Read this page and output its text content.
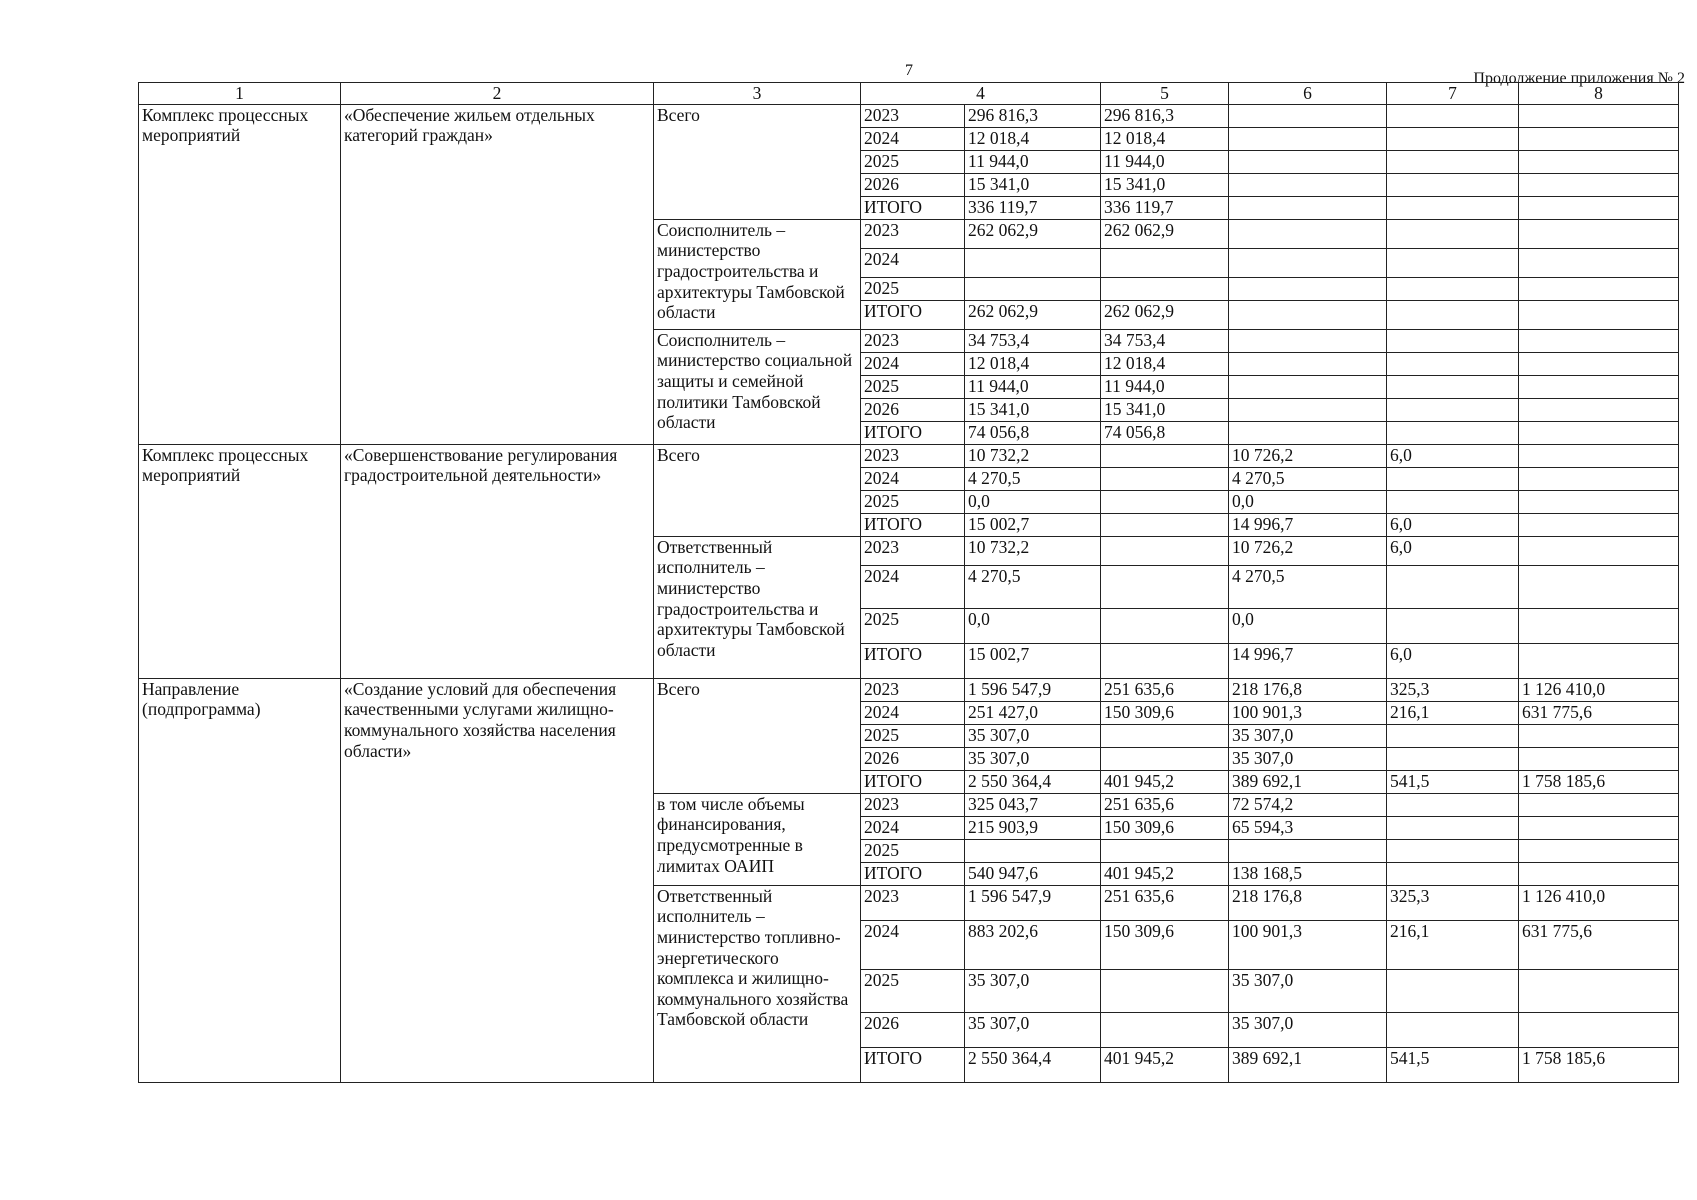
7	Продолжение приложения № 2
1	2	3	4		5	6	7	8
Комплекс процессных мероприятий	«Обеспечение жильем отдельных категорий граждан»	Всего	2023	296 816,3	296 816,3			
			2024	12 018,4	12 018,4			
			2025	11 944,0	11 944,0			
			2026	15 341,0	15 341,0			
			ИТОГО	336 119,7	336 119,7			
		Соисполнитель – министерство градостроительства и архитектуры Тамбовской области	2023	262 062,9	262 062,9			
			2024					
			2025					
			ИТОГО	262 062,9	262 062,9			
		Соисполнитель – министерство социальной защиты и семейной политики Тамбовской области	2023	34 753,4	34 753,4			
			2024	12 018,4	12 018,4			
			2025	11 944,0	11 944,0			
			2026	15 341,0	15 341,0			
			ИТОГО	74 056,8	74 056,8			
Комплекс процессных мероприятий	«Совершенствование регулирования градостроительной деятельности»	Всего	2023	10 732,2		10 726,2	6,0	
			2024	4 270,5		4 270,5		
			2025	0,0		0,0		
			ИТОГО	15 002,7		14 996,7	6,0	
		Ответственный исполнитель – министерство градостроительства и архитектуры Тамбовской области	2023	10 732,2		10 726,2	6,0	
			2024	4 270,5		4 270,5		
			2025	0,0		0,0		
			ИТОГО	15 002,7		14 996,7	6,0	
Направление (подпрограмма)	«Создание условий для обеспечения качественными услугами жилищно-коммунального хозяйства населения области»	Всего	2023	1 596 547,9	251 635,6	218 176,8	325,3	1 126 410,0
			2024	251 427,0	150 309,6	100 901,3	216,1	631 775,6
			2025	35 307,0		35 307,0		
			2026	35 307,0		35 307,0		
			ИТОГО	2 550 364,4	401 945,2	389 692,1	541,5	1 758 185,6
		в том числе объемы финансирования, предусмотренные в лимитах ОАИП	2023	325 043,7	251 635,6	72 574,2		
			2024	215 903,9	150 309,6	65 594,3		
			2025					
			ИТОГО	540 947,6	401 945,2	138 168,5		
		Ответственный исполнитель – министерство топливно-энергетического комплекса и жилищно-коммунального хозяйства Тамбовской области	2023	1 596 547,9	251 635,6	218 176,8	325,3	1 126 410,0
			2024	883 202,6	150 309,6	100 901,3	216,1	631 775,6
			2025	35 307,0		35 307,0		
			2026	35 307,0		35 307,0		
			ИТОГО	2 550 364,4	401 945,2	389 692,1	541,5	1 758 185,6
